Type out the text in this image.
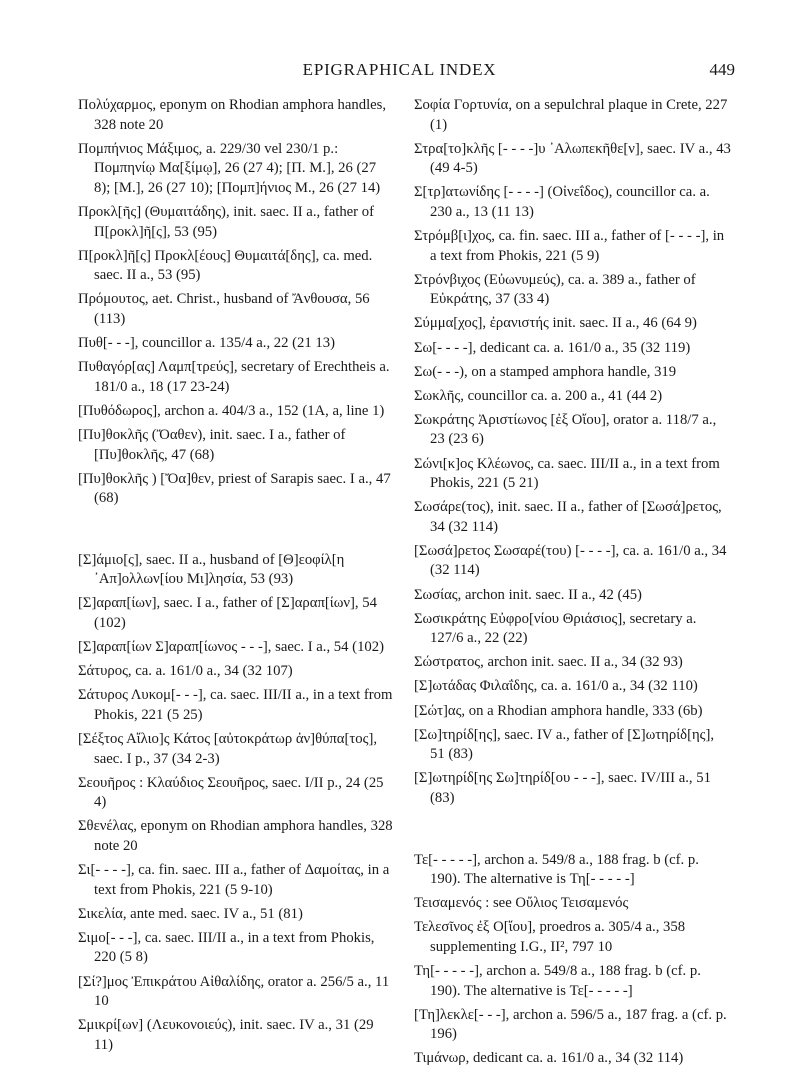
EPIGRAPHICAL INDEX	449

Πολύχαρμος, eponym on Rhodian amphora handles, 328 note 20

Πομπήνιος Μάξιμος, a. 229/30 vel 230/1 p.: Πομπηνίῳ Μα[ξίμῳ], 26 (27 4); [Π. Μ.], 26 (27 8); [Μ.], 26 (27 10); [Πομπ]ήνιος Μ., 26 (27 14)

Προκλ[ῆς] (Θυμαιτάδης), init. saec. II a., father of Π[ροκλ]ῆ[ς], 53 (95)

Π[ροκλ]ῆ[ς] Προκλ[έους] Θυμαιτά[δης], ca. med. saec. II a., 53 (95)

Πρόμουτος, aet. Christ., husband of Ἄνθουσα, 56 (113)

Πυθ[- - -], councillor a. 135/4 a., 22 (21 13)

Πυθαγόρ[ας] Λαμπ[τρεύς], secretary of Erechtheis a. 181/0 a., 18 (17 23-24)

[Πυθόδωρος], archon a. 404/3 a., 152 (1A, a, line 1)

[Πυ]θοκλῆς (Ὄαθεν), init. saec. I a., father of [Πυ]θοκλῆς, 47 (68)

[Πυ]θοκλῆς ) [Ὄα]θεν, priest of Sarapis saec. I a., 47 (68)

[Σ]άμιο[ς], saec. II a., husband of [Θ]εοφίλ[η ᾿Απ]ολλων[ίου Μι]λησία, 53 (93)

[Σ]αραπ[ίων], saec. I a., father of [Σ]αραπ[ίων], 54 (102)

[Σ]αραπ[ίων Σ]αραπ[ίωνος - - -], saec. I a., 54 (102)

Σάτυρος, ca. a. 161/0 a., 34 (32 107)

Σάτυρος Λυκομ[- - -], ca. saec. III/II a., in a text from Phokis, 221 (5 25)

[Σέξτος Αἴλιο]ς Κάτος [αὐτοκράτωρ ἀν]θύπα[τος], saec. I p., 37 (34 2-3)

Σεουῆρος : Κλαύδιος Σεουῆρος, saec. I/II p., 24 (25 4)

Σθενέλας, eponym on Rhodian amphora handles, 328 note 20

Σι[- - - -], ca. fin. saec. III a., father of Δαμοίτας, in a text from Phokis, 221 (5 9-10)

Σικελία, ante med. saec. IV a., 51 (81)

Σιμο[- - -], ca. saec. III/II a., in a text from Phokis, 220 (5 8)

[Σί?]μος Ἐπικράτου Αἰθαλίδης, orator a. 256/5 a., 11 10

Σμικρί[ων] (Λευκονοιεύς), init. saec. IV a., 31 (29 11)

Σοφία Γορτυνία, on a sepulchral plaque in Crete, 227 (1)

Στρα[το]κλῆς [- - - -]υ ᾿Αλωπεκῆθε[ν], saec. IV a., 43 (49 4-5)

Σ[τρ]ατωνίδης [- - - -] (Οἰνεΐδος), councillor ca. a. 230 a., 13 (11 13)

Στρόμβ[ι]χος, ca. fin. saec. III a., father of [- - - -], in a text from Phokis, 221 (5 9)

Στρόνβιχος (Εὐωνυμεύς), ca. a. 389 a., father of Εὐκράτης, 37 (33 4)

Σύμμα[χος], ἐρανιστής init. saec. II a., 46 (64 9)

Σω[- - - -], dedicant ca. a. 161/0 a., 35 (32 119)

Σω(- - -), on a stamped amphora handle, 319

Σωκλῆς, councillor ca. a. 200 a., 41 (44 2)

Σωκράτης Ἀριστίωνος [ἐξ Οἴου], orator a. 118/7 a., 23 (23 6)

Σώνι[κ]ος Κλέωνος, ca. saec. III/II a., in a text from Phokis, 221 (5 21)

Σωσάρε(τος), init. saec. II a., father of [Σωσά]ρετος, 34 (32 114)

[Σωσά]ρετος Σωσαρέ(του) [- - - -], ca. a. 161/0 a., 34 (32 114)

Σωσίας, archon init. saec. II a., 42 (45)

Σωσικράτης Εὐφρο[νίου Θριάσιος], secretary a. 127/6 a., 22 (22)

Σώστρατος, archon init. saec. II a., 34 (32 93)

[Σ]ωτάδας Φιλαΐδης, ca. a. 161/0 a., 34 (32 110)

[Σώτ]ας, on a Rhodian amphora handle, 333 (6b)

[Σω]τηρίδ[ης], saec. IV a., father of [Σ]ωτηρίδ[ης], 51 (83)

[Σ]ωτηρίδ[ης Σω]τηρίδ[ου - - -], saec. IV/III a., 51 (83)

Τε[- - - - -], archon a. 549/8 a., 188 frag. b (cf. p. 190). The alternative is Τη[- - - - -]

Τεισαμενός : see Οὔλιος Τεισαμενός

Τελεσῖνος ἐξ Ο[ἴου], proedros a. 305/4 a., 358 supplementing I.G., II², 797 10

Τη[- - - - -], archon a. 549/8 a., 188 frag. b (cf. p. 190). The alternative is Τε[- - - - -]

[Τη]λεκλε[- - -], archon a. 596/5 a., 187 frag. a (cf. p. 196)

Τιμάνωρ, dedicant ca. a. 161/0 a., 34 (32 114)
